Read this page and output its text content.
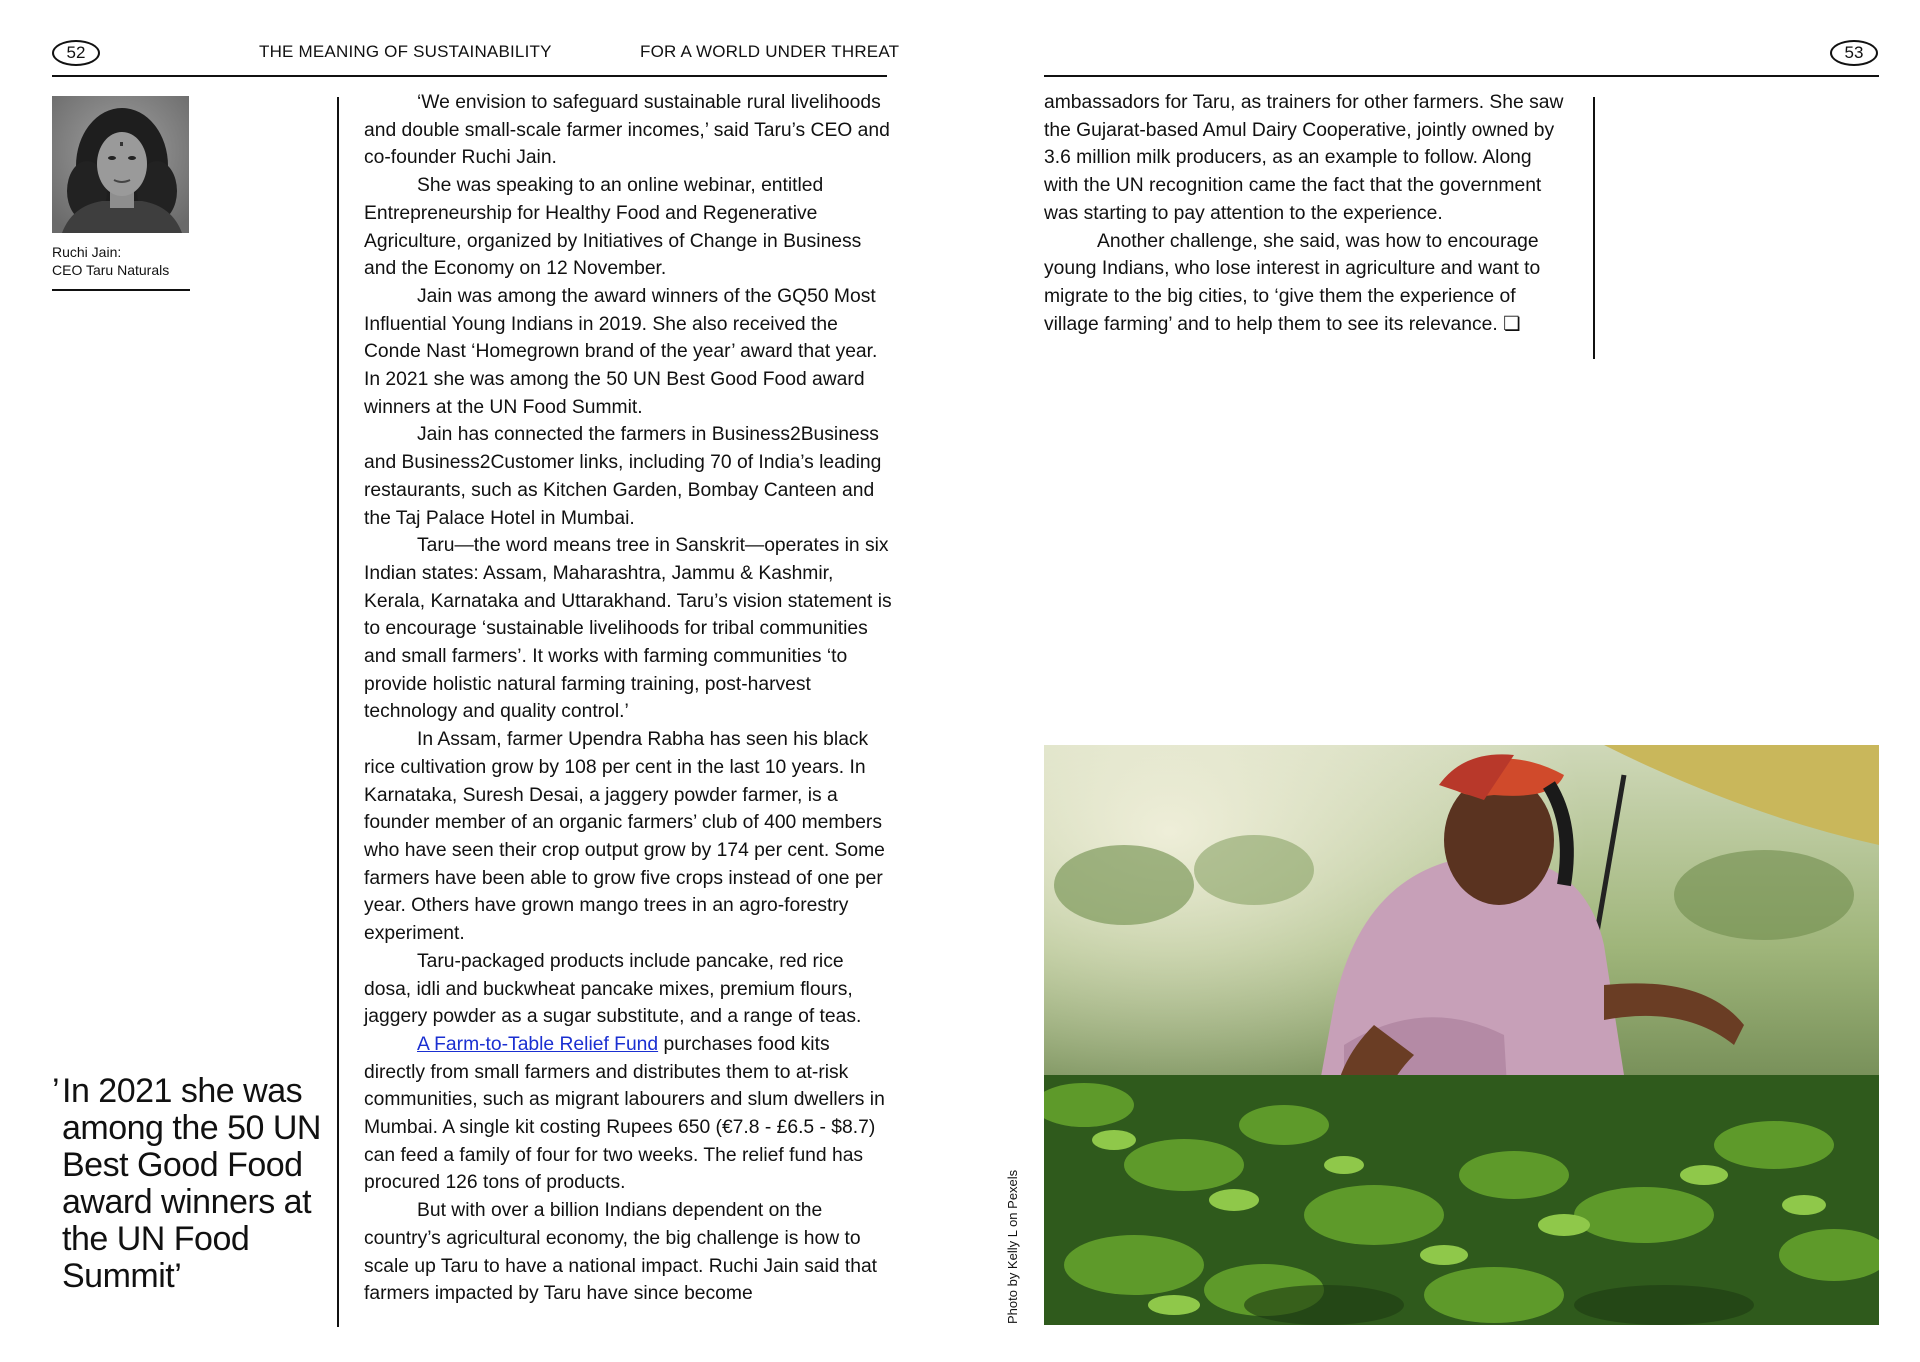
52	THE MEANING OF SUSTAINABILITY	FOR A WORLD UNDER THREAT	53
Ruchi Jain:
CEO Taru Naturals
’ In 2021 she was among the 50 UN Best Good Food award winners at the UN Food Summit’

‘We envision to safeguard sustainable rural livelihoods and double small-scale farmer incomes,’ said Taru’s CEO and co-founder Ruchi Jain.

She was speaking to an online webinar, entitled Entrepreneurship for Healthy Food and Regenerative Agriculture, organized by Initiatives of Change in Business and the Economy on 12 November.

Jain was among the award winners of the GQ50 Most Influential Young Indians in 2019. She also received the Conde Nast ‘Homegrown brand of the year’ award that year. In 2021 she was among the 50 UN Best Good Food award winners at the UN Food Summit.

Jain has connected the farmers in Business2Business and Business2Customer links, including 70 of India’s leading restaurants, such as Kitchen Garden, Bombay Canteen and the Taj Palace Hotel in Mumbai.

Taru—the word means tree in Sanskrit—operates in six Indian states: Assam, Maharashtra, Jammu & Kashmir, Kerala, Karnataka and Uttarakhand. Taru’s vision statement is to encourage ‘sustainable livelihoods for tribal communities and small farmers’. It works with farming communities ‘to provide holistic natural farming training, post-harvest technology and quality control.’

In Assam, farmer Upendra Rabha has seen his black rice cultivation grow by 108 per cent in the last 10 years. In Karnataka, Suresh Desai, a jaggery powder farmer, is a founder member of an organic farmers’ club of 400 members who have seen their crop output grow by 174 per cent. Some farmers have been able to grow five crops instead of one per year. Others have grown mango trees in an agro-forestry experiment.

Taru-packaged products include pancake, red rice dosa, idli and buckwheat pancake mixes, premium flours, jaggery powder as a sugar substitute, and a range of teas.

A Farm-to-Table Relief Fund purchases food kits directly from small farmers and distributes them to at-risk communities, such as migrant labourers and slum dwellers in Mumbai. A single kit costing Rupees 650 (€7.8 - £6.5 - $8.7) can feed a family of four for two weeks. The relief fund has procured 126 tons of products.

But with over a billion Indians dependent on the country’s agricultural economy, the big challenge is how to scale up Taru to have a national impact. Ruchi Jain said that farmers impacted by Taru have since become

ambassadors for Taru, as trainers for other farmers. She saw the Gujarat-based Amul Dairy Cooperative, jointly owned by 3.6 million milk producers, as an example to follow. Along with the UN recognition came the fact that the government was starting to pay attention to the experience.

Another challenge, she said, was how to encourage young Indians, who lose interest in agriculture and want to migrate to the big cities, to ‘give them the experience of village farming’ and to help them to see its relevance. ❏

Photo by Kelly L on Pexels
